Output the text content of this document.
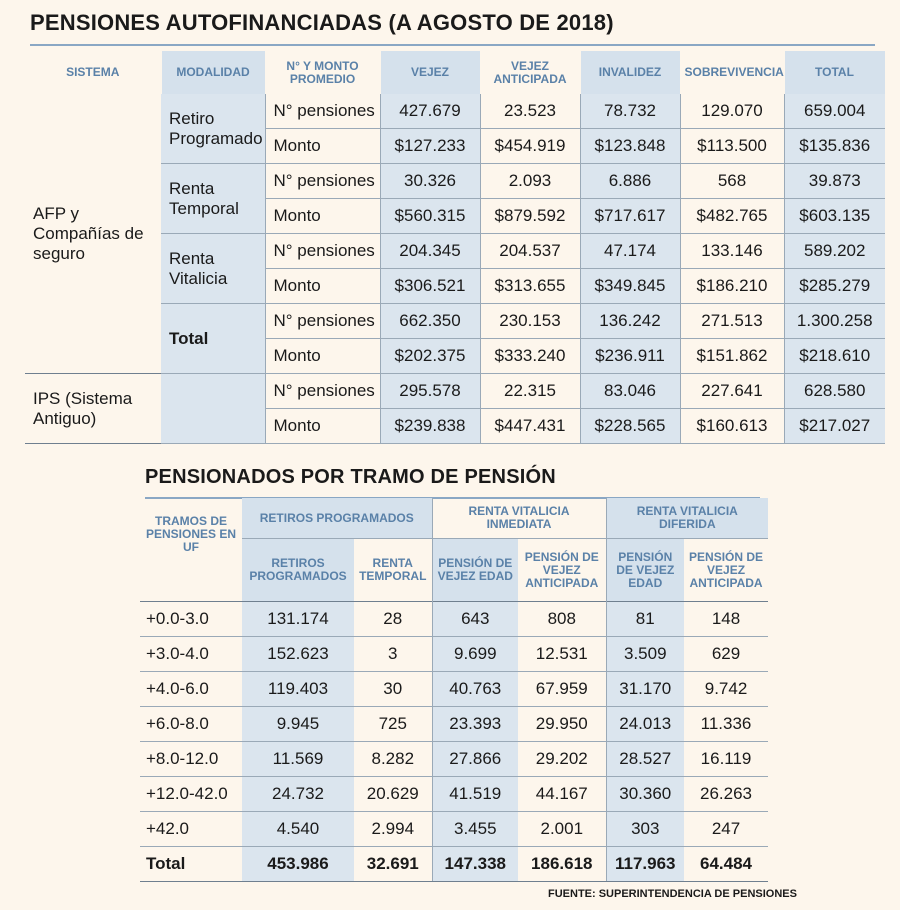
PENSIONES AUTOFINANCIADAS (A AGOSTO DE 2018)
SISTEMA	MODALIDAD	N° Y MONTO PROMEDIO	VEJEZ	VEJEZ ANTICIPADA	INVALIDEZ	SOBREVIVENCIA	TOTAL
AFP y Compañías de seguro	Retiro Programado	N° pensiones	427.679	23.523	78.732	129.070	659.004
		Monto	$127.233	$454.919	$123.848	$113.500	$135.836
	Renta Temporal	N° pensiones	30.326	2.093	6.886	568	39.873
		Monto	$560.315	$879.592	$717.617	$482.765	$603.135
	Renta Vitalicia	N° pensiones	204.345	204.537	47.174	133.146	589.202
		Monto	$306.521	$313.655	$349.845	$186.210	$285.279
	Total	N° pensiones	662.350	230.153	136.242	271.513	1.300.258
		Monto	$202.375	$333.240	$236.911	$151.862	$218.610
IPS (Sistema Antiguo)		N° pensiones	295.578	22.315	83.046	227.641	628.580
		Monto	$239.838	$447.431	$228.565	$160.613	$217.027
PENSIONADOS POR TRAMO DE PENSIÓN
TRAMOS DE PENSIONES EN UF	RETIROS PROGRAMADOS		RENTA VITALICIA INMEDIATA		RENTA VITALICIA DIFERIDA	
	RETIROS PROGRAMADOS	RENTA TEMPORAL	PENSIÓN DE VEJEZ EDAD	PENSIÓN DE VEJEZ ANTICIPADA	PENSIÓN DE VEJEZ EDAD	PENSIÓN DE VEJEZ ANTICIPADA
+0.0-3.0	131.174	28	643	808	81	148
+3.0-4.0	152.623	3	9.699	12.531	3.509	629
+4.0-6.0	119.403	30	40.763	67.959	31.170	9.742
+6.0-8.0	9.945	725	23.393	29.950	24.013	11.336
+8.0-12.0	11.569	8.282	27.866	29.202	28.527	16.119
+12.0-42.0	24.732	20.629	41.519	44.167	30.360	26.263
+42.0	4.540	2.994	3.455	2.001	303	247
Total	453.986	32.691	147.338	186.618	117.963	64.484
FUENTE: SUPERINTENDENCIA DE PENSIONES
